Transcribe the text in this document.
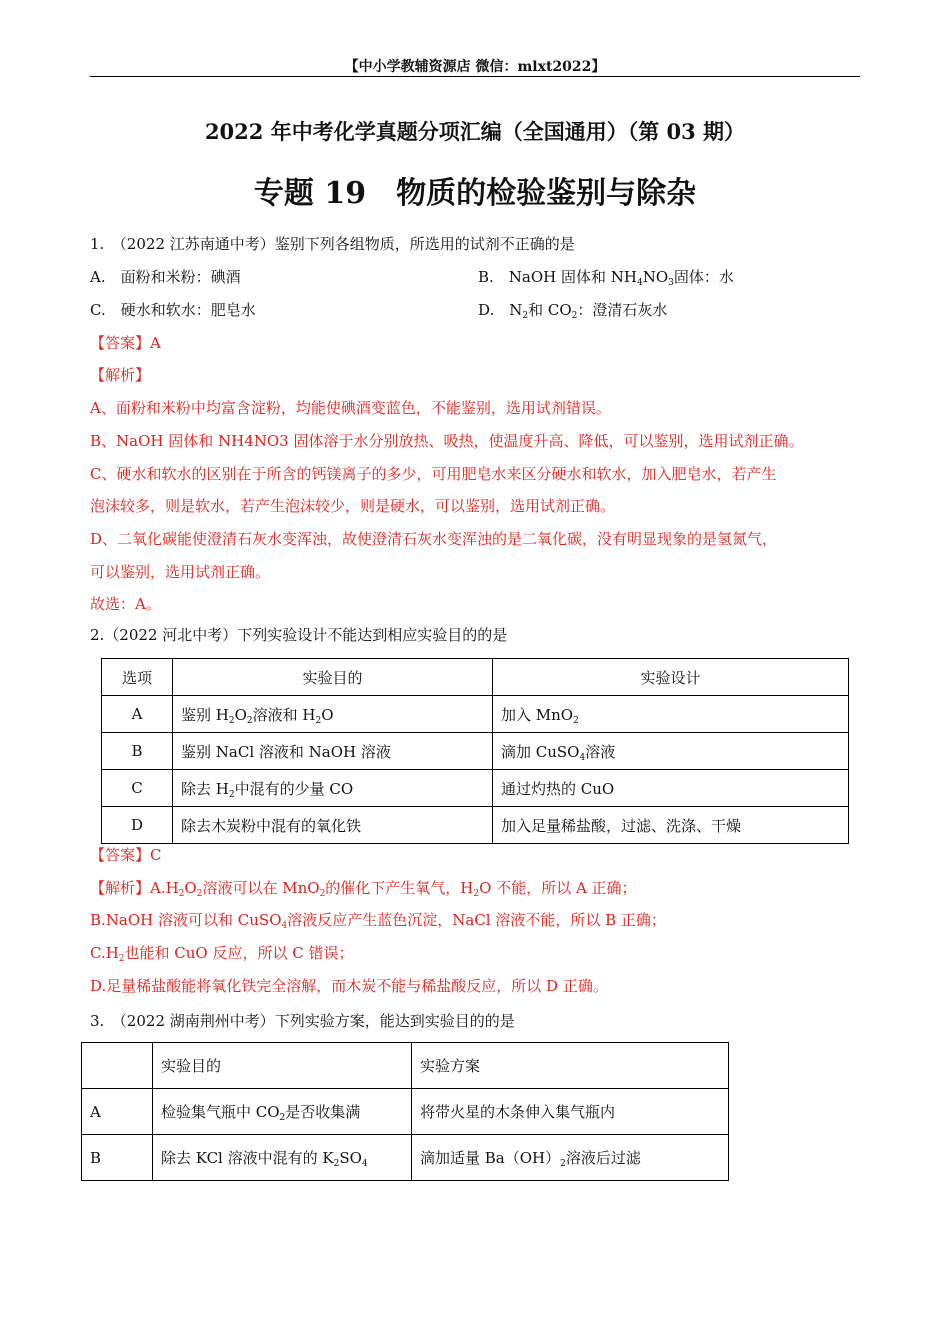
【中小学教辅资源店 微信：mlxt2022】
2022 年中考化学真题分项汇编（全国通用）（第 03 期）
专题 19　物质的检验鉴别与除杂
1.　（2022 江苏南通中考）鉴别下列各组物质，所选用的试剂不正确的是
A.　面粉和米粉：碘酒	B.　NaOH 固体和 $NH_4NO_3$固体：水
C.　硬水和软水：肥皂水	D.　$N_2$和 $CO_2$：澄清石灰水
【答案】A
【解析】
A、面粉和米粉中均富含淀粉，均能使碘酒变蓝色，不能鉴别，选用试剂错误。
B、NaOH 固体和 NH4NO3 固体溶于水分别放热、吸热，使温度升高、降低，可以鉴别，选用试剂正确。
C、硬水和软水的区别在于所含的钙镁离子的多少，可用肥皂水来区分硬水和软水，加入肥皂水，若产生
泡沫较多，则是软水，若产生泡沫较少，则是硬水，可以鉴别，选用试剂正确。
D、二氧化碳能使澄清石灰水变浑浊，故使澄清石灰水变浑浊的是二氧化碳，没有明显现象的是氢氮气，
可以鉴别，选用试剂正确。
故选：A。
2.（2022 河北中考）下列实验设计不能达到相应实验目的的是
选项	实验目的	实验设计
A	鉴别 $H_2O_2$溶液和 $H_2O$	加入 MnO$_2$
B	鉴别 NaCl 溶液和 NaOH 溶液	滴加 CuSO$_4$溶液
C	除去 $H_2$中混有的少量 CO	通过灼热的 CuO
D	除去木炭粉中混有的氧化铁	加入足量稀盐酸，过滤、洗涤、干燥
【答案】C
【解析】$A.H_2O_2$溶液可以在 MnO$_2$的催化下产生氧气，$H_2O$ 不能，所以 A 正确；
B.NaOH 溶液可以和 CuSO$_4$溶液反应产生蓝色沉淀，NaCl 溶液不能，所以 B 正确；
$C.H_2$也能和 CuO 反应，所以 C 错误；
D.足量稀盐酸能将氧化铁完全溶解，而木炭不能与稀盐酸反应，所以 D 正确。
3.　（2022 湖南荆州中考）下列实验方案，能达到实验目的的是
	实验目的	实验方案
A	检验集气瓶中 $CO_2$是否收集满	将带火星的木条伸入集气瓶内
B	除去 KCl 溶液中混有的 $K_2SO_4$	滴加适量 $Ba(OH)_2$溶液后过滤
